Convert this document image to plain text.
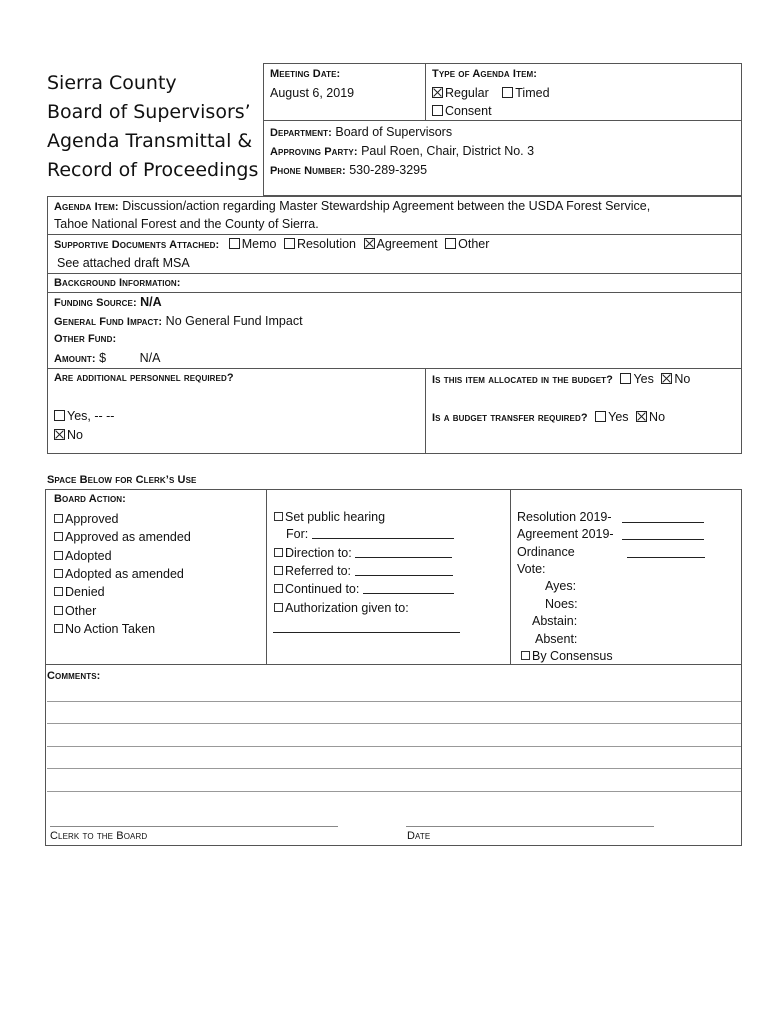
Sierra County
Board of Supervisors’
Agenda Transmittal &
Record of Proceedings
Meeting Date:
August 6, 2019
Type of Agenda Item:
Regular Timed
Consent
Department: Board of Supervisors
Approving Party: Paul Roen, Chair, District No. 3
Phone Number: 530-289-3295
Agenda Item: Discussion/action regarding Master Stewardship Agreement between the USDA Forest Service,
Tahoe National Forest and the County of Sierra.
Supportive Documents Attached: Memo Resolution Agreement Other
See attached draft MSA
Background Information:
Funding Source: N/A
General Fund Impact: No General Fund Impact
Other Fund:
Amount: $	N/A
Are additional personnel required?
Yes, -- --
No
Is this item allocated in the budget? Yes No
Is a budget transfer required? Yes No
Space Below for Clerk’s Use
Board Action:
Approved
Approved as amended
Adopted
Adopted as amended
Denied
Other
No Action Taken
Set public hearing
For:
Direction to:
Referred to:
Continued to:
Authorization given to:
Resolution 2019-
Agreement 2019-
Ordinance
Vote:
Ayes:
Noes:
Abstain:
Absent:
By Consensus
Comments:
Clerk to the Board	Date
